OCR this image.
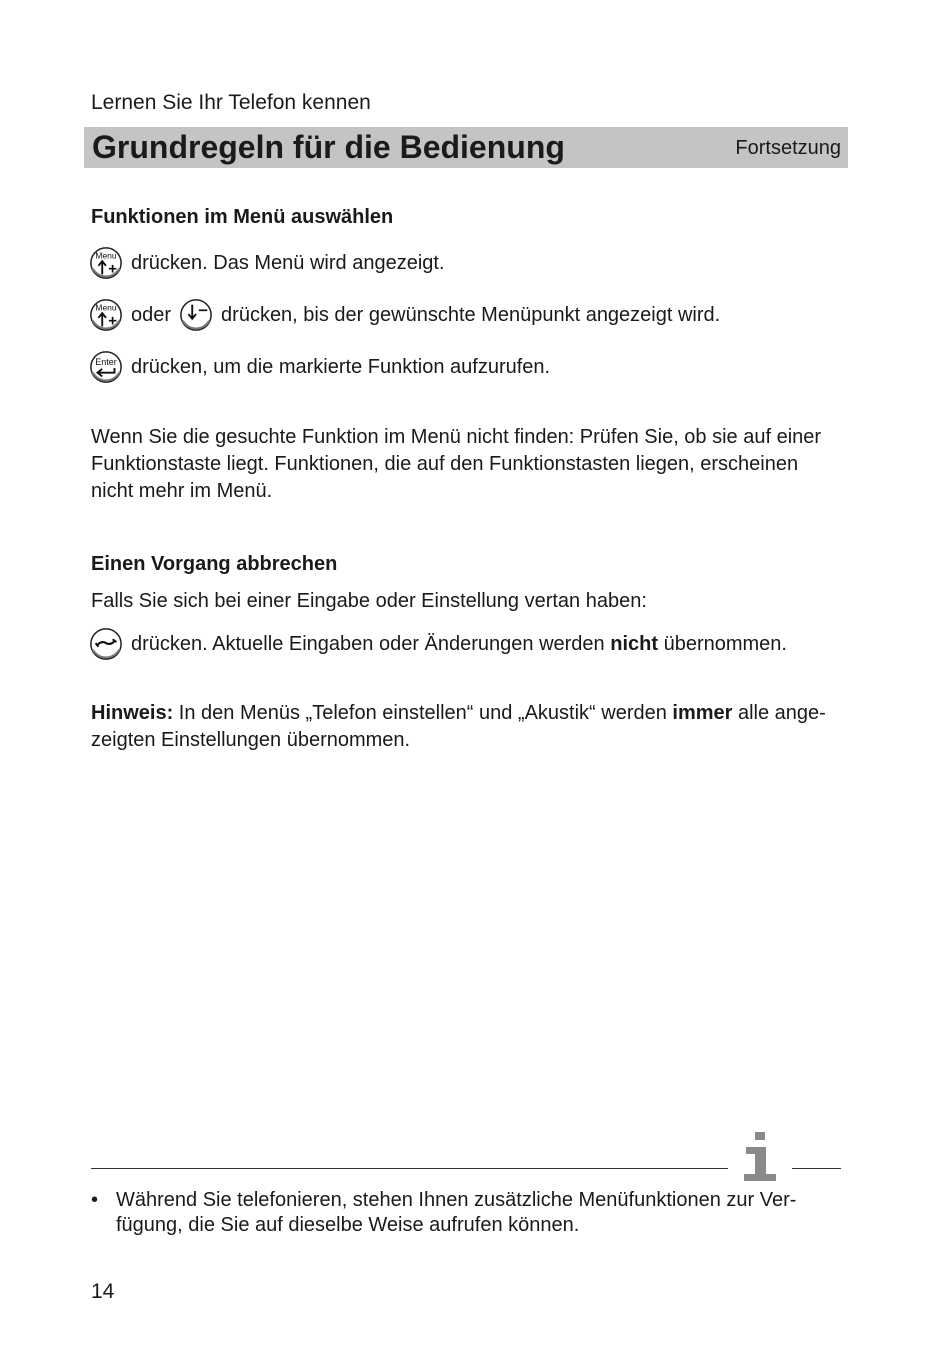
Lernen Sie Ihr Telefon kennen
Grundregeln für die Bedienung	Fortsetzung
Funktionen im Menü auswählen
Menu drücken. Das Menü wird angezeigt.
Menu oder	drücken, bis der gewünschte Menüpunkt angezeigt wird.
Enter drücken, um die markierte Funktion aufzurufen.
Wenn Sie die gesuchte Funktion im Menü nicht finden: Prüfen Sie, ob sie auf einer Funktionstaste liegt. Funktionen, die auf den Funktionstasten liegen, erscheinen nicht mehr im Menü.
Einen Vorgang abbrechen
Falls Sie sich bei einer Eingabe oder Einstellung vertan haben:
drücken. Aktuelle Eingaben oder Änderungen werden nicht übernommen.
Hinweis: In den Menüs „Telefon einstellen“ und „Akustik“ werden immer alle ange-zeigten Einstellungen übernommen.
• Während Sie telefonieren, stehen Ihnen zusätzliche Menüfunktionen zur Ver-fügung, die Sie auf dieselbe Weise aufrufen können.
14
